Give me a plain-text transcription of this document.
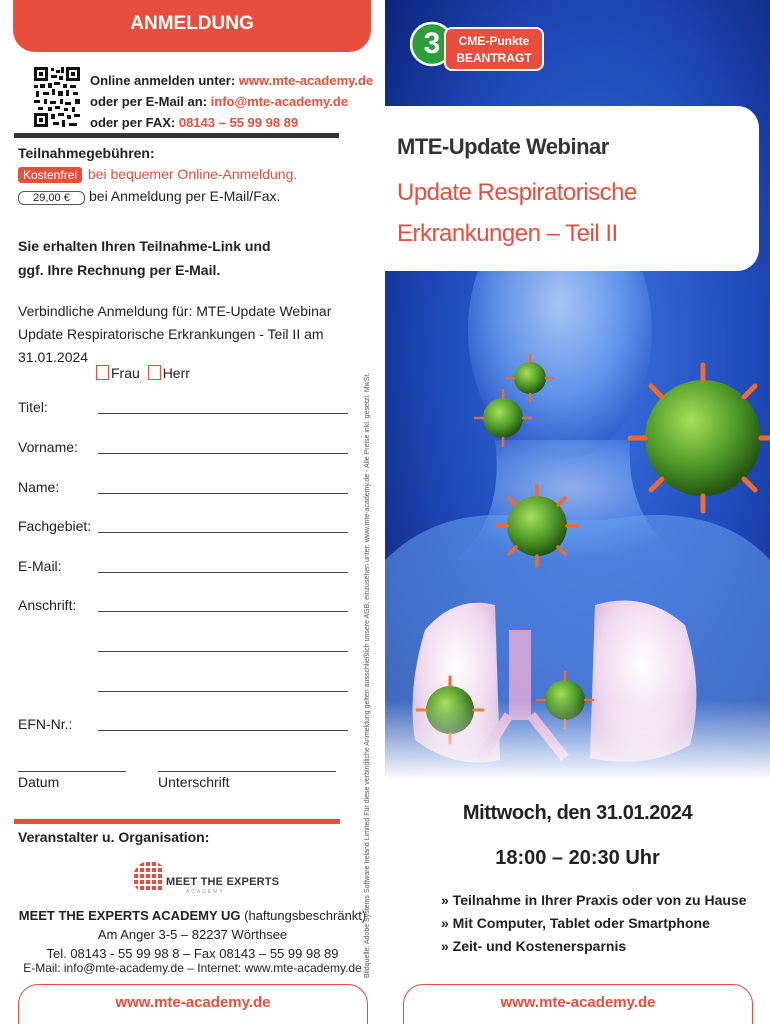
ANMELDUNG
Online anmelden unter: www.mte-academy.de
oder per E-Mail an: info@mte-academy.de
oder per FAX: 08143 – 55 99 98 89
Teilnahmegebühren:
Kostenfrei bei bequemer Online-Anmeldung.
29,00 € bei Anmeldung per E-Mail/Fax.
Sie erhalten Ihren Teilnahme-Link und
ggf. Ihre Rechnung per E-Mail.
Verbindliche Anmeldung für: MTE-Update Webinar
Update Respiratorische Erkrankungen - Teil II am 31.01.2024
Frau Herr
Titel:
Vorname:
Name:
Fachgebiet:
E-Mail:
Anschrift:
EFN-Nr.:
Datum	Unterschrift
Veranstalter u. Organisation:
MEET THE EXPERTS
ACADEMY
MEET THE EXPERTS ACADEMY UG (haftungsbeschränkt)
Am Anger 3-5 – 82237 Wörthsee
Tel. 08143 - 55 99 98 8 – Fax 08143 – 55 99 98 89
E-Mail: info@mte-academy.de – Internet: www.mte-academy.de
www.mte-academy.de
Bildquelle: Adobe Systems Software Ireland Limited Für diese verbindliche Anmeldung gelten ausschließlich unsere AGB, einzusehen unter: www.mte-academy.de - Alle Preise inkl. gesetzl. MwSt.
CME-Punkte
BEANTRAGT
3
MTE-Update Webinar
Update Respiratorische
Erkrankungen – Teil II
Mittwoch, den 31.01.2024
18:00 – 20:30 Uhr
» Teilnahme in Ihrer Praxis oder von zu Hause
» Mit Computer, Tablet oder Smartphone
» Zeit- und Kostenersparnis
www.mte-academy.de
